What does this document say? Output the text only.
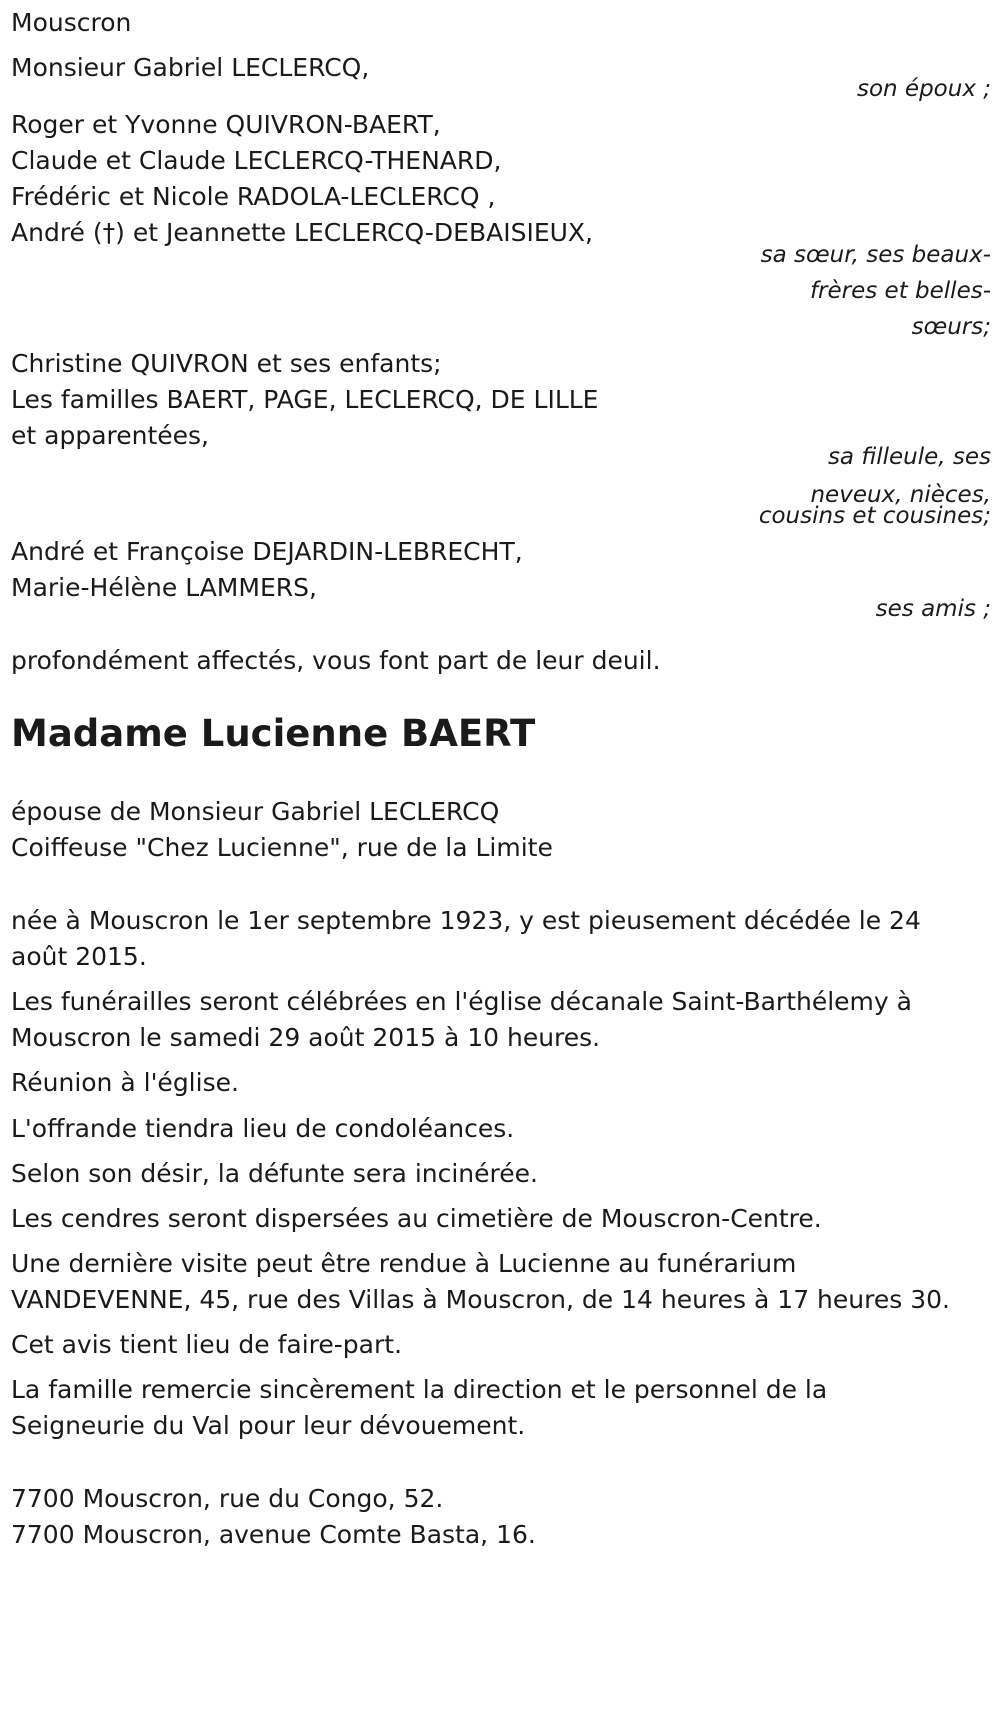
Mouscron
Monsieur Gabriel LECLERCQ,
son époux ;
Roger et Yvonne QUIVRON-BAERT,
Claude et Claude LECLERCQ-THENARD,
Frédéric et Nicole RADOLA-LECLERCQ ,
André (†) et Jeannette LECLERCQ-DEBAISIEUX,
sa sœur, ses beaux-
frères et belles-
sœurs;
Christine QUIVRON et ses enfants;
Les familles BAERT, PAGE, LECLERCQ, DE LILLE
et apparentées,
sa filleule, ses
neveux, nièces,
cousins et cousines;
André et Françoise DEJARDIN-LEBRECHT,
Marie-Hélène LAMMERS,
ses amis ;
profondément affectés, vous font part de leur deuil.
Madame Lucienne BAERT
épouse de Monsieur Gabriel LECLERCQ
Coiffeuse "Chez Lucienne", rue de la Limite
née à Mouscron le 1er septembre 1923, y est pieusement décédée le 24
août 2015.
Les funérailles seront célébrées en l'église décanale Saint-Barthélemy à
Mouscron le samedi 29 août 2015 à 10 heures.
Réunion à l'église.
L'offrande tiendra lieu de condoléances.
Selon son désir, la défunte sera incinérée.
Les cendres seront dispersées au cimetière de Mouscron-Centre.
Une dernière visite peut être rendue à Lucienne au funérarium
VANDEVENNE, 45, rue des Villas à Mouscron, de 14 heures à 17 heures 30.
Cet avis tient lieu de faire-part.
La famille remercie sincèrement la direction et le personnel de la
Seigneurie du Val pour leur dévouement.
7700 Mouscron, rue du Congo, 52.
7700 Mouscron, avenue Comte Basta, 16.
